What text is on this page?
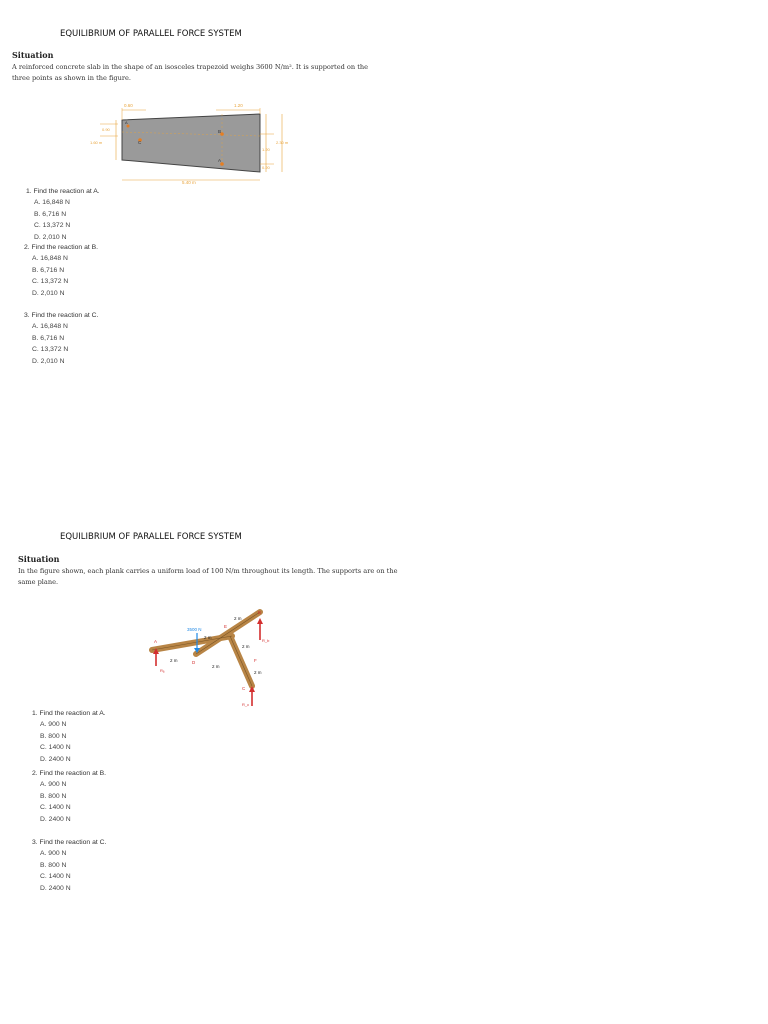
EQUILIBRIUM OF PARALLEL FORCE SYSTEM
Situation
A reinforced concrete slab in the shape of an isosceles trapezoid weighs 3600 N/m². It is supported on the three points as shown in the figure.
0.60	1.20
0.90
1.60 m	2.30 m
1.20
0.20
5.40 m
A
C
B
A
1. Find the reaction at A.
A. 16,848 N
B. 6,716 N
C. 13,372 N
D. 2,010 N
2. Find the reaction at B.
A. 16,848 N
B. 6,716 N
C. 13,372 N
D. 2,010 N
3. Find the reaction at C.
A. 16,848 N
B. 6,716 N
C. 13,372 N
D. 2,010 N
EQUILIBRIUM OF PARALLEL FORCE SYSTEM
Situation
In the figure shown, each plank carries a uniform load of 100 N/m throughout its length. The supports are on the same plane.
3500 N
Rₐ
R_b
R_c
A
B
C
D
E
F
2 m
2 m
2 m
2 m
2 m
2 m
1. Find the reaction at A.
A. 900 N
B. 800 N
C. 1400 N
D. 2400 N
2. Find the reaction at B.
A. 900 N
B. 800 N
C. 1400 N
D. 2400 N
3. Find the reaction at C.
A. 900 N
B. 800 N
C. 1400 N
D. 2400 N
